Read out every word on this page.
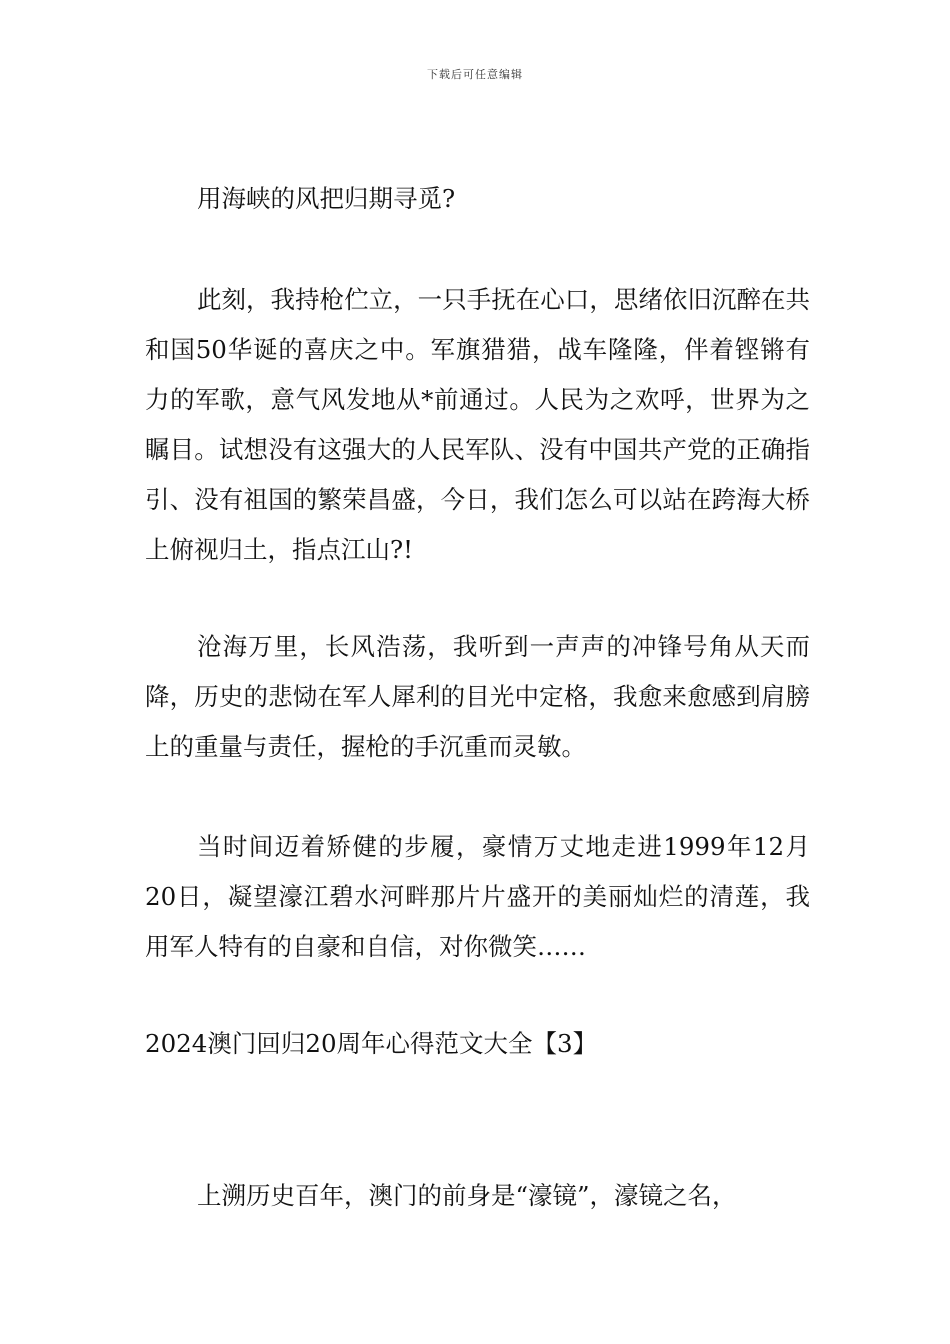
下载后可任意编辑

用海峡的风把归期寻觅?

此刻，我持枪伫立，一只手抚在心口，思绪依旧沉醉在共和国50华诞的喜庆之中。军旗猎猎，战车隆隆，伴着铿锵有力的军歌，意气风发地从*前通过。人民为之欢呼，世界为之瞩目。试想没有这强大的人民军队、没有中国共产党的正确指引、没有祖国的繁荣昌盛，今日，我们怎么可以站在跨海大桥上俯视归土，指点江山?!

沧海万里，长风浩荡，我听到一声声的冲锋号角从天而降，历史的悲恸在军人犀利的目光中定格，我愈来愈感到肩膀上的重量与责任，握枪的手沉重而灵敏。

当时间迈着矫健的步履，豪情万丈地走进1999年12月20日，凝望濠江碧水河畔那片片盛开的美丽灿烂的清莲，我用军人特有的自豪和自信，对你微笑……

2024澳门回归20周年心得范文大全【3】

上溯历史百年，澳门的前身是“濠镜”，濠镜之名，
